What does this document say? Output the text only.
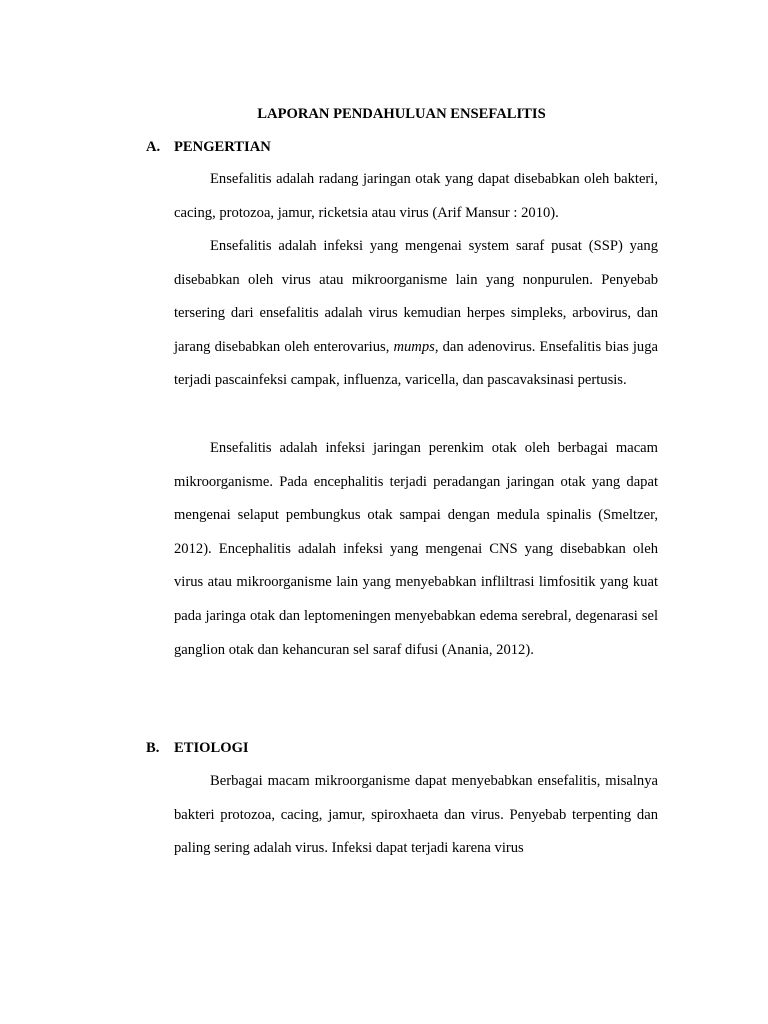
LAPORAN PENDAHULUAN ENSEFALITIS
A. PENGERTIAN

Ensefalitis adalah radang jaringan otak yang dapat disebabkan oleh bakteri, cacing, protozoa, jamur, ricketsia atau virus (Arif Mansur : 2010).

Ensefalitis adalah infeksi yang mengenai system saraf pusat (SSP) yang disebabkan oleh virus atau mikroorganisme lain yang nonpurulen. Penyebab tersering dari ensefalitis adalah virus kemudian herpes simpleks, arbovirus, dan jarang disebabkan oleh enterovarius, mumps, dan adenovirus. Ensefalitis bias juga terjadi pascainfeksi campak, influenza, varicella, dan pascavaksinasi pertusis.

Ensefalitis adalah infeksi jaringan perenkim otak oleh berbagai macam mikroorganisme. Pada encephalitis terjadi peradangan jaringan otak yang dapat mengenai selaput pembungkus otak sampai dengan medula spinalis (Smeltzer, 2012). Encephalitis adalah infeksi yang mengenai CNS yang disebabkan oleh virus atau mikroorganisme lain yang menyebabkan infliltrasi limfositik yang kuat pada jaringa otak dan leptomeningen menyebabkan edema serebral, degenarasi sel ganglion otak dan kehancuran sel saraf difusi (Anania, 2012).

B. ETIOLOGI

Berbagai macam mikroorganisme dapat menyebabkan ensefalitis, misalnya bakteri protozoa, cacing, jamur, spiroxhaeta dan virus. Penyebab terpenting dan paling sering adalah virus. Infeksi dapat terjadi karena virus
